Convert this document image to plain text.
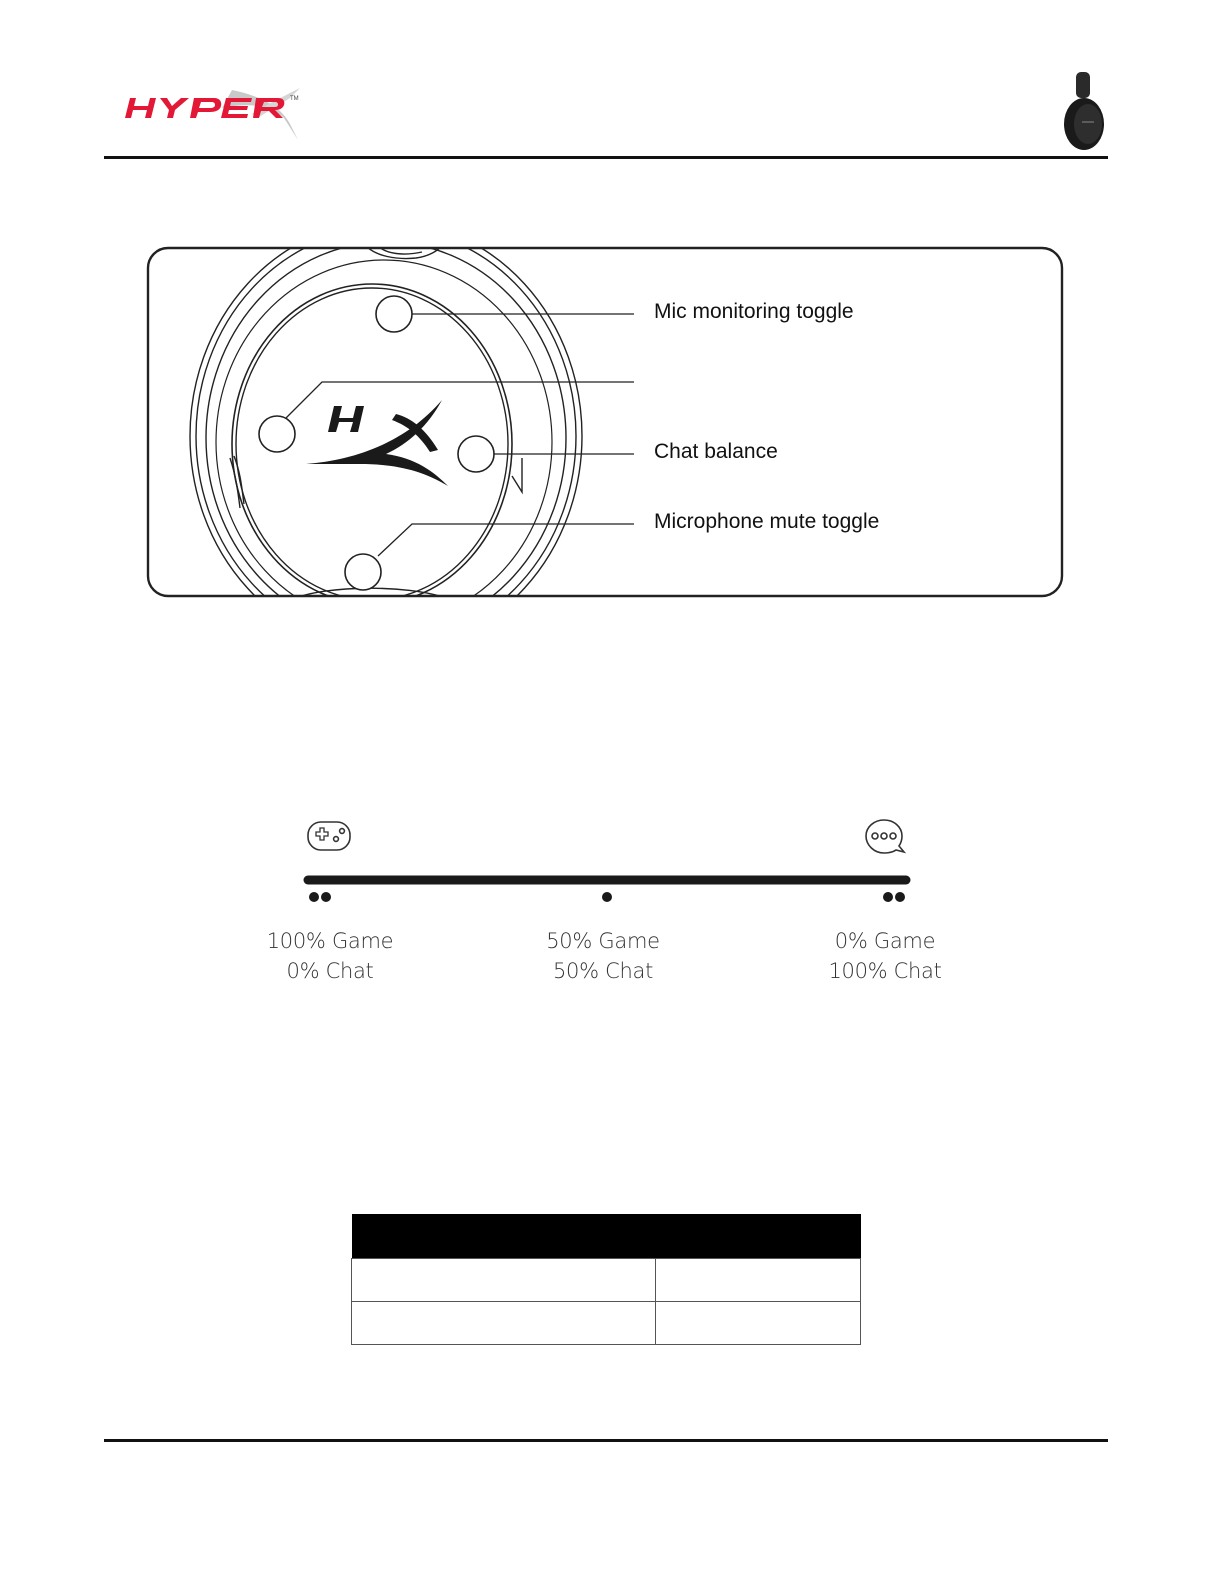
TM
Mic monitoring toggle
Chat balance
Microphone mute toggle
100% Game
0% Chat
50% Game
50% Chat
0% Game
100% Chat
